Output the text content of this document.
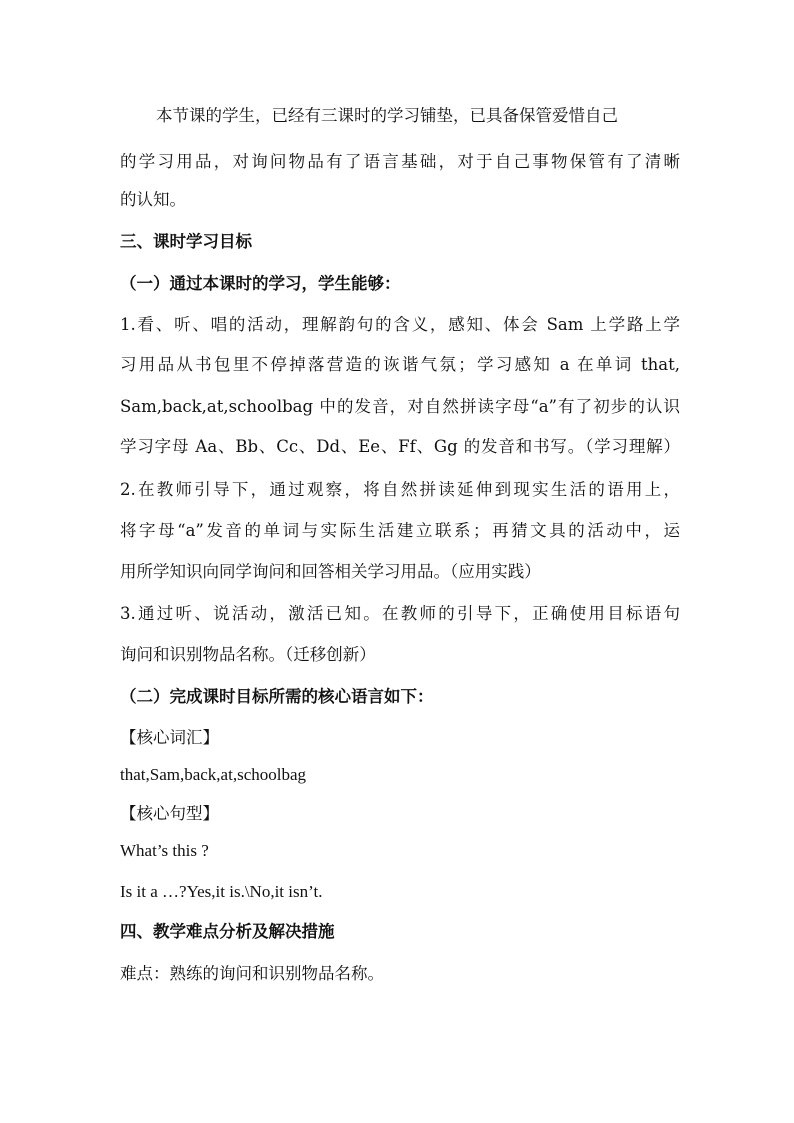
本节课的学生，已经有三课时的学习铺垫，已具备保管爱惜自己
的学习用品，对询问物品有了语言基础，对于自己事物保管有了清晰
的认知。
三、课时学习目标
（一）通过本课时的学习，学生能够：
1.看、听、唱的活动，理解韵句的含义，感知、体会 Sam 上学路上学
习用品从书包里不停掉落营造的诙谐气氛；学习感知 a 在单词 that,
Sam,back,at,schoolbag 中的发音，对自然拼读字母“a”有了初步的认识
学习字母 Aa、Bb、Cc、Dd、Ee、Ff、Gg 的发音和书写。（学习理解）
2.在教师引导下，通过观察，将自然拼读延伸到现实生活的语用上，
将字母“a”发音的单词与实际生活建立联系；再猜文具的活动中，运
用所学知识向同学询问和回答相关学习用品。（应用实践）
3.通过听、说活动，激活已知。在教师的引导下，正确使用目标语句
询问和识别物品名称。（迁移创新）
（二）完成课时目标所需的核心语言如下：
【核心词汇】
that,Sam,back,at,schoolbag
【核心句型】
What’s this ?
Is it a …?Yes,it is.\No,it isn’t.
四、教学难点分析及解决措施
难点：熟练的询问和识别物品名称。
